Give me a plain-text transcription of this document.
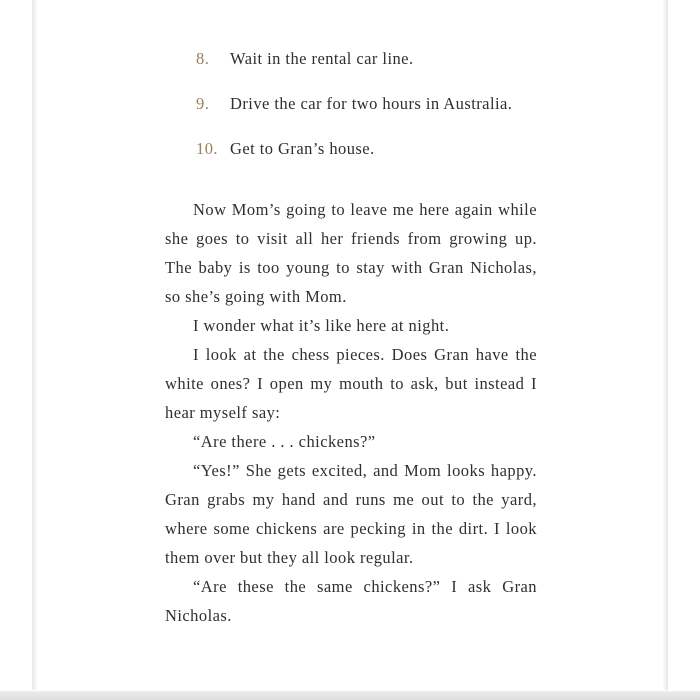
8.	Wait in the rental car line.
9.	Drive the car for two hours in Australia.
10. Get to Gran’s house.

Now Mom’s going to leave me here again while she goes to visit all her friends from growing up. The baby is too young to stay with Gran Nicholas, so she’s going with Mom.

I wonder what it’s like here at night.

I look at the chess pieces. Does Gran have the white ones? I open my mouth to ask, but instead I hear myself say:

“Are there . . . chickens?”

“Yes!” She gets excited, and Mom looks happy. Gran grabs my hand and runs me out to the yard, where some chickens are pecking in the dirt. I look them over but they all look regular.

“Are these the same chickens?” I ask Gran Nicholas.
